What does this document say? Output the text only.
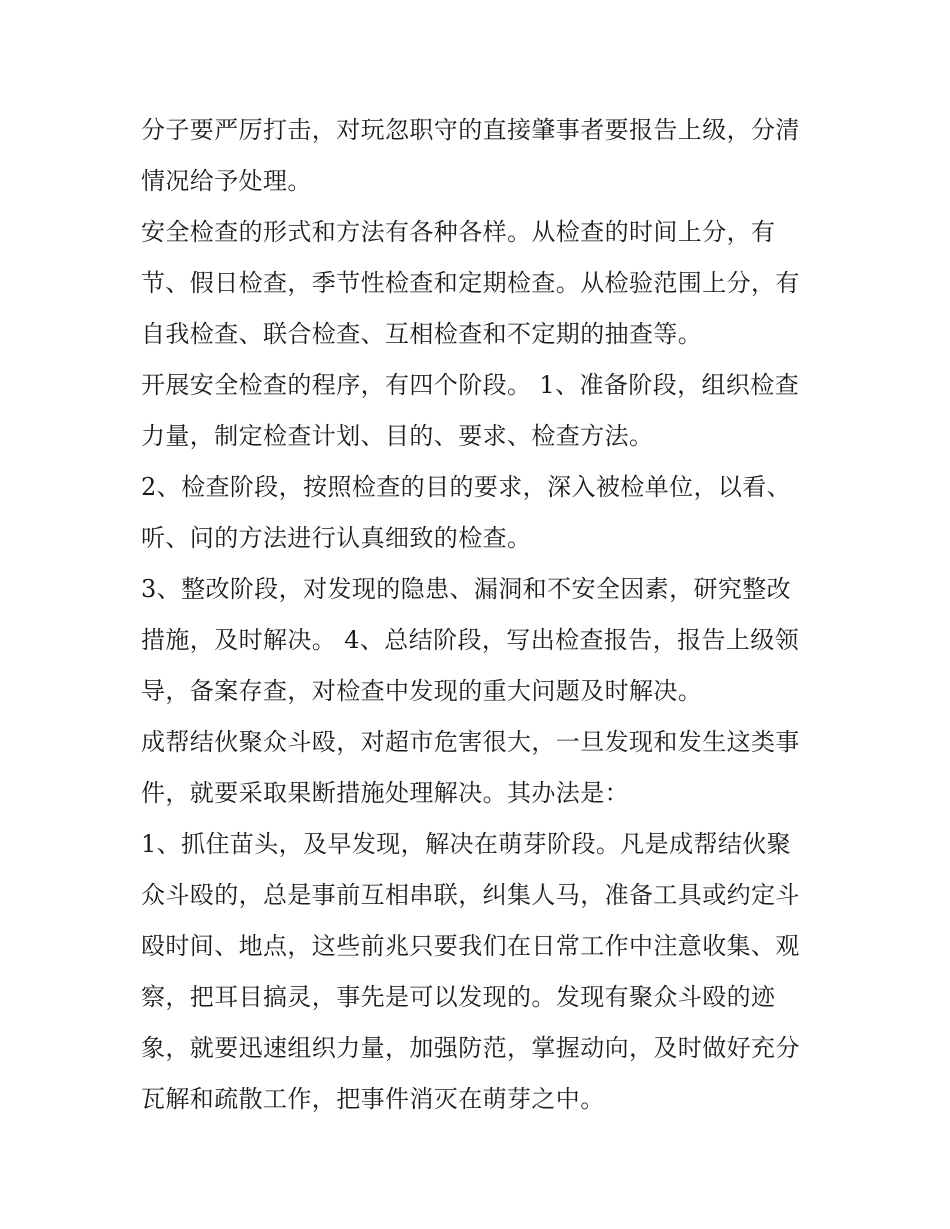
分子要严厉打击，对玩忽职守的直接肇事者要报告上级，分清情况给予处理。

安全检查的形式和方法有各种各样。从检查的时间上分，有节、假日检查，季节性检查和定期检查。从检验范围上分，有自我检查、联合检查、互相检查和不定期的抽查等。

开展安全检查的程序，有四个阶段。 1、准备阶段，组织检查力量，制定检查计划、目的、要求、检查方法。

2、检查阶段，按照检查的目的要求，深入被检单位，以看、听、问的方法进行认真细致的检查。

3、整改阶段，对发现的隐患、漏洞和不安全因素，研究整改措施，及时解决。 4、总结阶段，写出检查报告，报告上级领导，备案存查，对检查中发现的重大问题及时解决。

成帮结伙聚众斗殴，对超市危害很大，一旦发现和发生这类事件，就要采取果断措施处理解决。其办法是：

1、抓住苗头，及早发现，解决在萌芽阶段。凡是成帮结伙聚众斗殴的，总是事前互相串联，纠集人马，准备工具或约定斗殴时间、地点，这些前兆只要我们在日常工作中注意收集、观察，把耳目搞灵，事先是可以发现的。发现有聚众斗殴的迹象，就要迅速组织力量，加强防范，掌握动向，及时做好充分瓦解和疏散工作，把事件消灭在萌芽之中。
